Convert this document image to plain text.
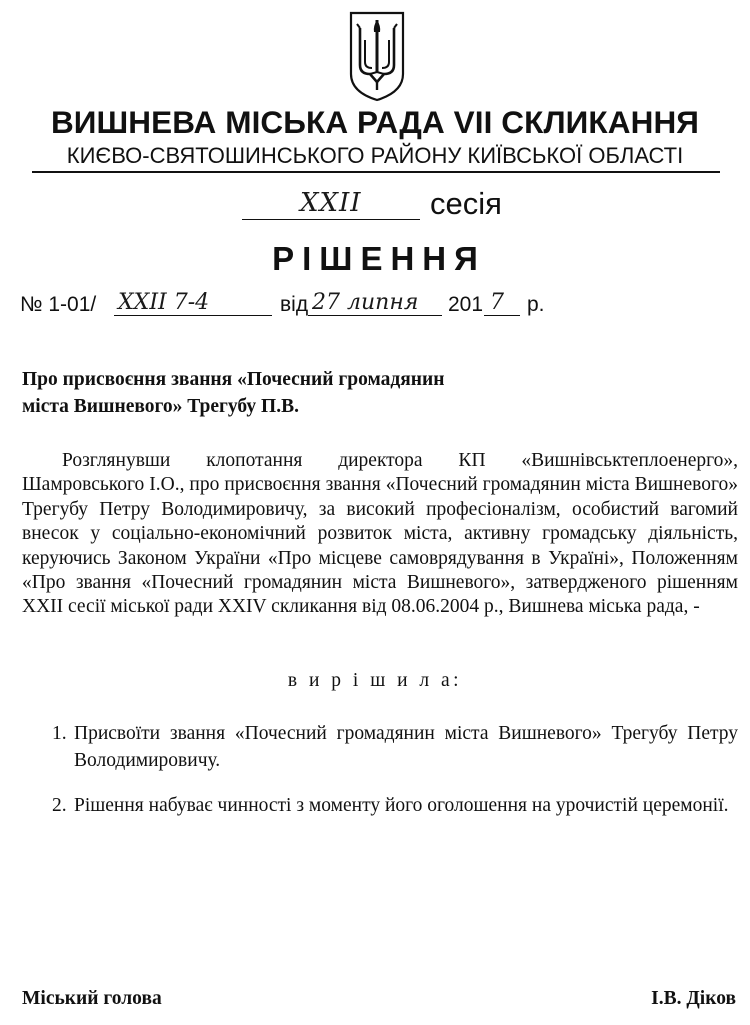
ВИШНЕВА МІСЬКА РАДА VII СКЛИКАННЯ
КИЄВО-СВЯТОШИНСЬКОГО РАЙОНУ КИЇВСЬКОЇ ОБЛАСТІ
XXII сесія
РІШЕННЯ
№ 1-01/ XXII 7-4	від 27 липня 201 7 р.
Про присвоєння звання «Почесний громадянин
міста Вишневого» Трегубу П.В.
Розглянувши клопотання директора КП «Вишнівськтеплоенерго», Шамровського І.О., про присвоєння звання «Почесний громадянин міста Вишневого» Трегубу Петру Володимировичу, за високий професіоналізм, особистий вагомий внесок у соціально-економічний розвиток міста, активну громадську діяльність, керуючись Законом України «Про місцеве самоврядування в Україні», Положенням «Про звання «Почесний громадянин міста Вишневого», затвердженого рішенням XXII сесії міської ради XXIV скликання від 08.06.2004 р., Вишнева міська рада, -
в и р і ш и л а:
1. Присвоїти звання «Почесний громадянин міста Вишневого» Трегубу Петру Володимировичу.
2. Рішення набуває чинності з моменту його оголошення на урочистій церемонії.
Міський голова	І.В. Діков
